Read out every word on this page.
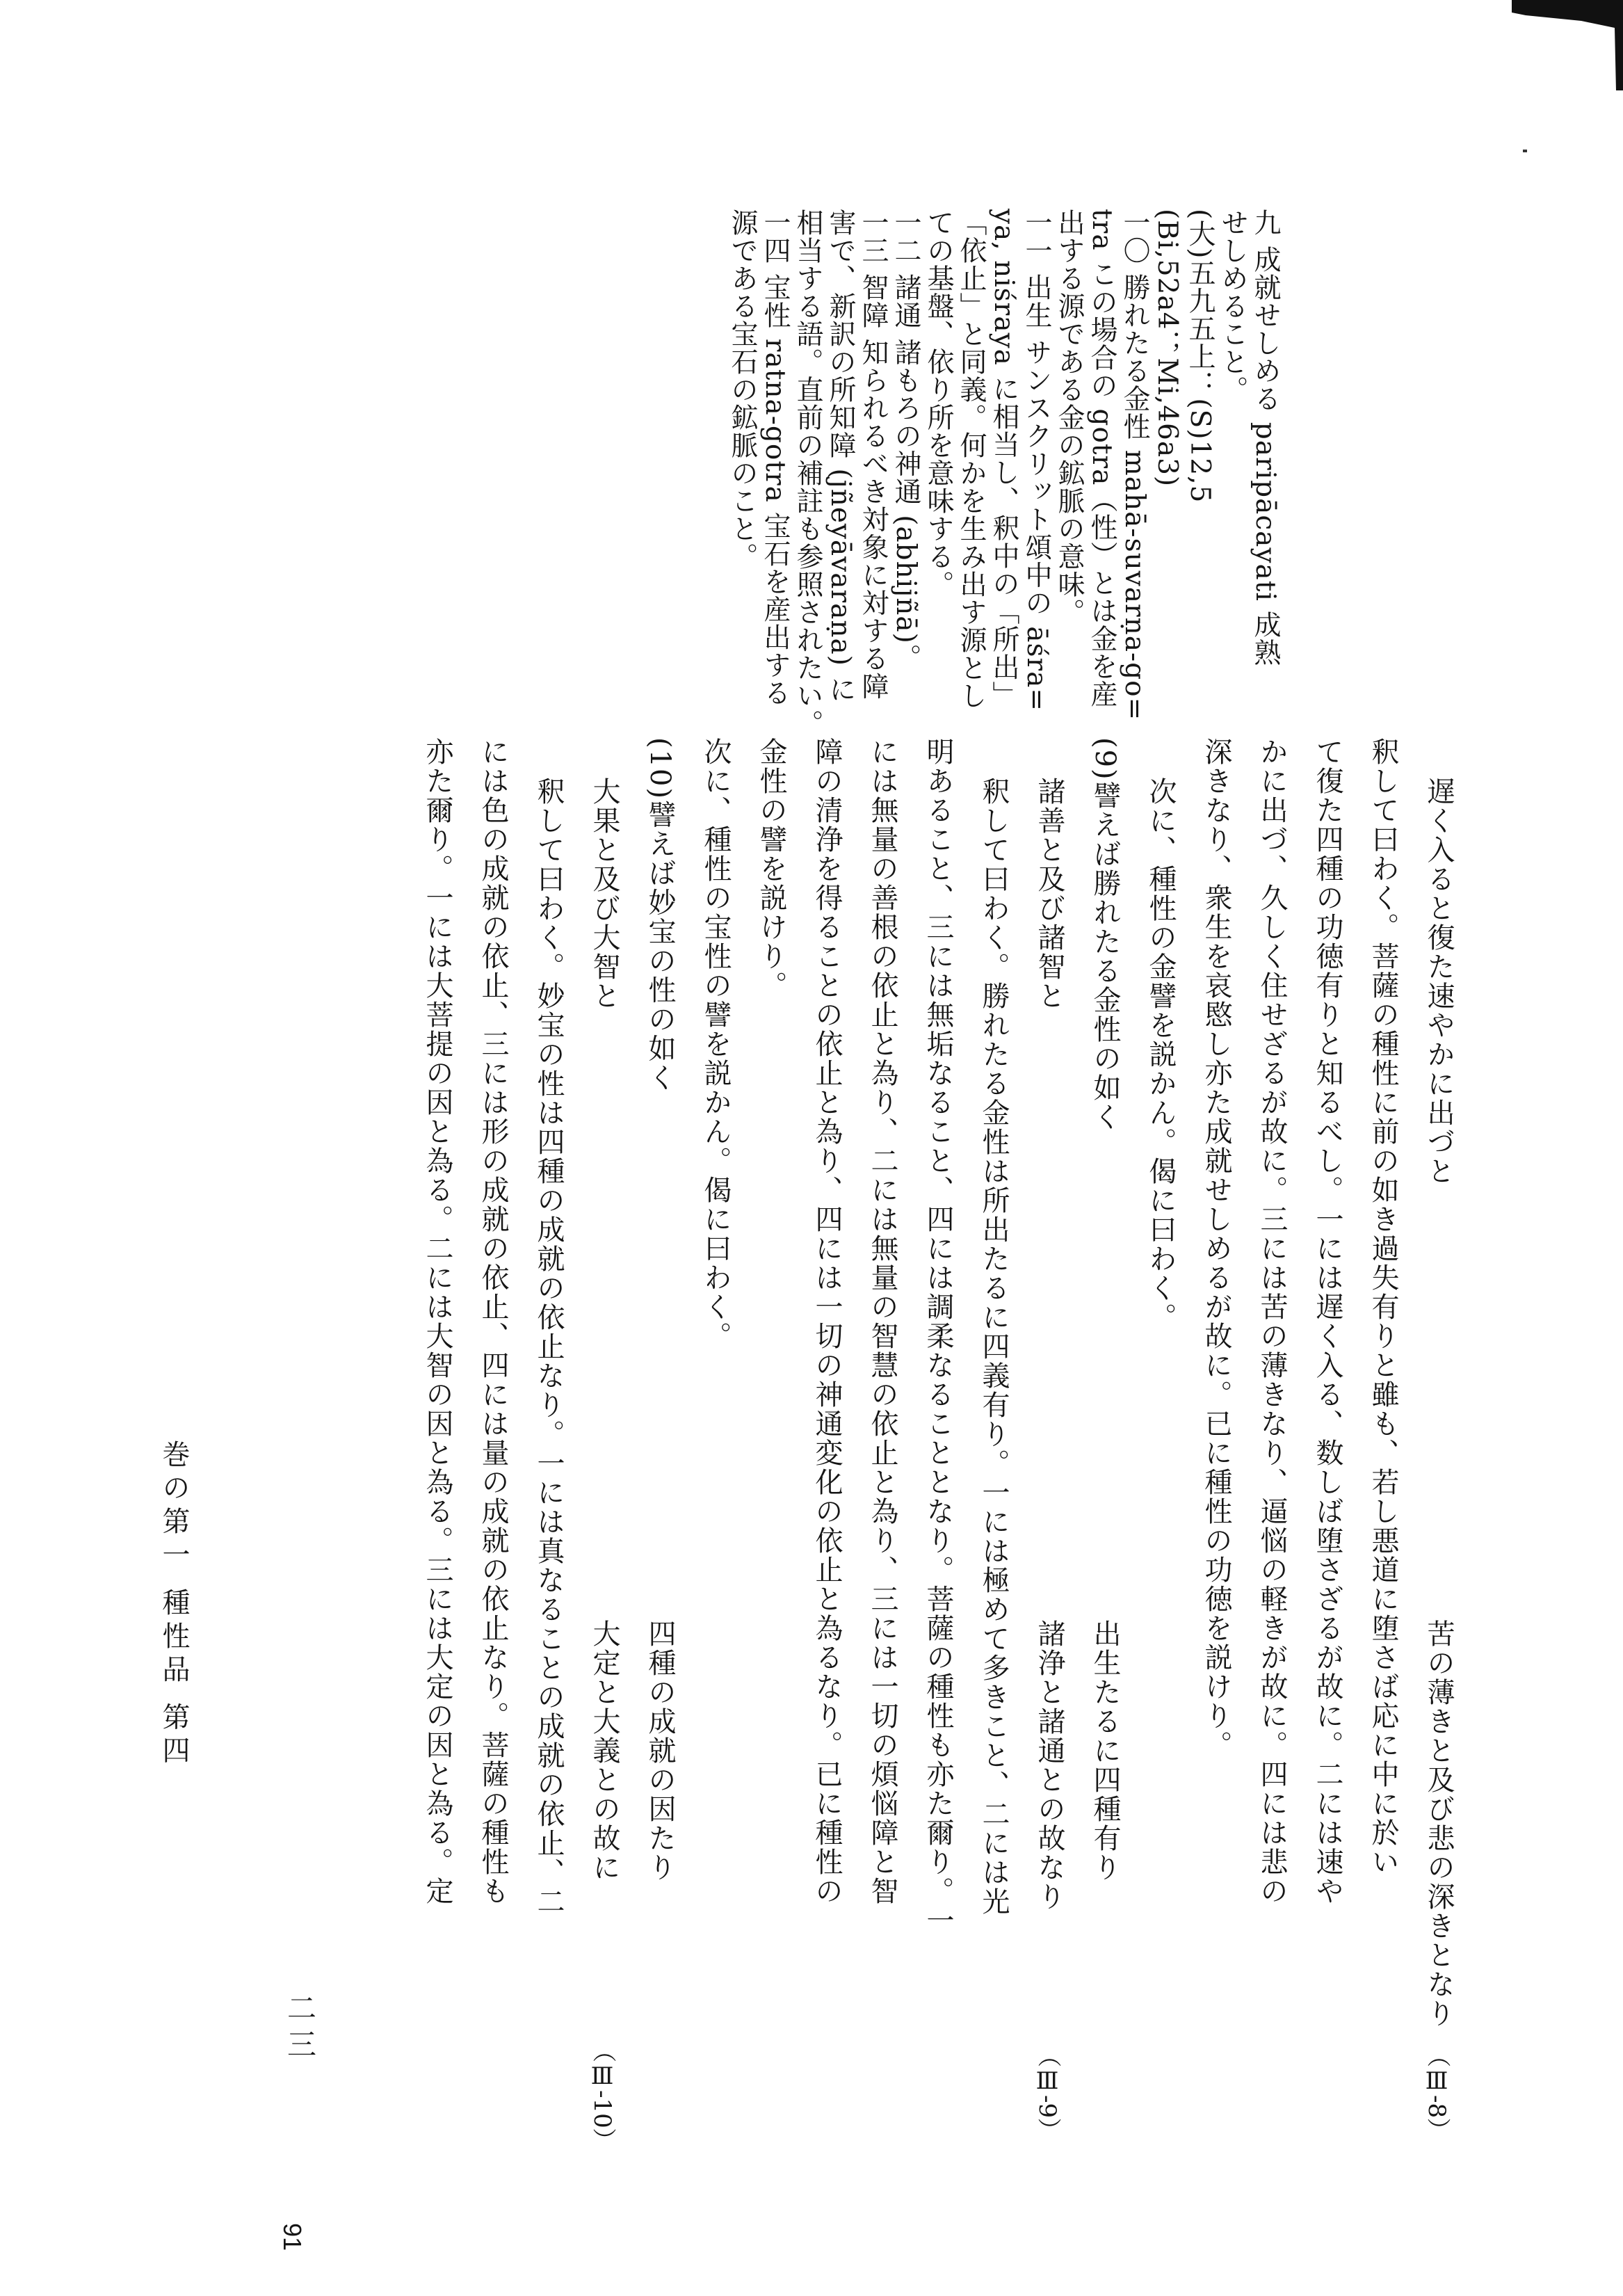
遅く入ると復た速やかに出づと
苦の薄きと及び悲の深きとなり
（Ⅲ-8）
釈して曰わく。菩薩の種性に前の如き過失有りと雖も、若し悪道に堕さば応に中に於い
て復た四種の功徳有りと知るべし。一には遅く入る、数しば堕さざるが故に。二には速や
かに出づ、久しく住せざるが故に。三には苦の薄きなり、逼悩の軽きが故に。四には悲の
深きなり、衆生を哀愍し亦た成就せしめるが故に。已に種性の功徳を説けり。
次に、種性の金譬を説かん。偈に曰わく。
(9)譬えば勝れたる金性の如く
出生たるに四種有り
諸善と及び諸智と
諸浄と諸通との故なり
（Ⅲ-9）
釈して曰わく。勝れたる金性は所出たるに四義有り。一には極めて多きこと、二には光
明あること、三には無垢なること、四には調柔なることとなり。菩薩の種性も亦た爾り。一
には無量の善根の依止と為り、二には無量の智慧の依止と為り、三には一切の煩悩障と智
障の清浄を得ることの依止と為り、四には一切の神通変化の依止と為るなり。已に種性の
金性の譬を説けり。
次に、種性の宝性の譬を説かん。偈に曰わく。
(10)譬えば妙宝の性の如く
四種の成就の因たり
大果と及び大智と
大定と大義との故に
（Ⅲ-10）
釈して曰わく。妙宝の性は四種の成就の依止なり。一には真なることの成就の依止、二
には色の成就の依止、三には形の成就の依止、四には量の成就の依止なり。菩薩の種性も
亦た爾り。一には大菩提の因と為る。二には大智の因と為る。三には大定の因と為る。定
九 成就せしめる paripācayati 成熟
せしめること。
(大)五九五上：(S)12,5
(Bi,52a4；Mi,46a3)
一〇 勝れたる金性 mahā-suvarṇa-go=
tra この場合の gotra（性）とは金を産
出する源である金の鉱脈の意味。
一一 出生 サンスクリット頌中の āśra=
ya, niśraya に相当し、釈中の「所出」
「依止」と同義。何かを生み出す源とし
ての基盤、依り所を意味する。
一二 諸通 諸もろの神通 (abhijñā)。
一三 智障 知られるべき対象に対する障
害で、新訳の所知障 (jñeyāvaraṇa) に
相当する語。直前の補註も参照されたい。
一四 宝性 ratna-gotra 宝石を産出する
源である宝石の鉱脈のこと。
巻の第一 種性品 第四
二三
91
